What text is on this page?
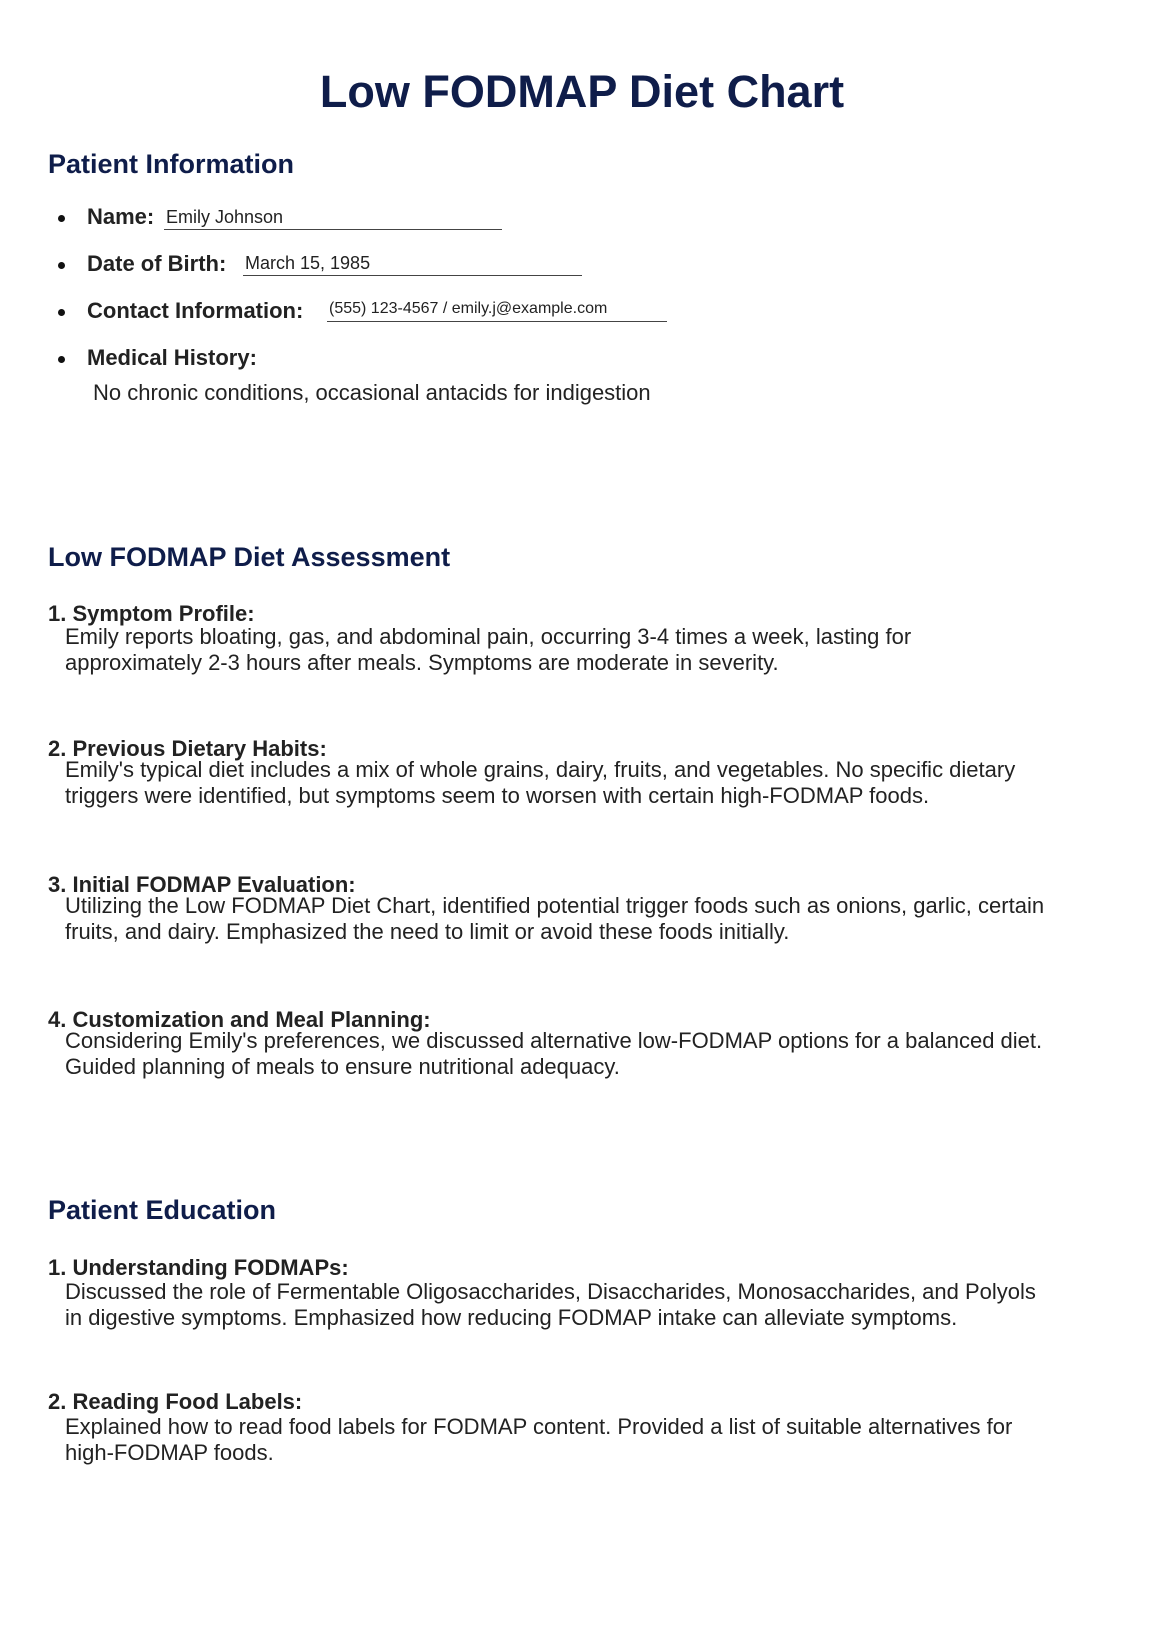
Low FODMAP Diet Chart
Patient Information
Name: Emily Johnson
Date of Birth: March 15, 1985
Contact Information: (555) 123-4567 / emily.j@example.com
Medical History:
No chronic conditions, occasional antacids for indigestion
Low FODMAP Diet Assessment
1. Symptom Profile:
Emily reports bloating, gas, and abdominal pain, occurring 3-4 times a week, lasting for
approximately 2-3 hours after meals. Symptoms are moderate in severity.
2. Previous Dietary Habits:
Emily's typical diet includes a mix of whole grains, dairy, fruits, and vegetables. No specific dietary
triggers were identified, but symptoms seem to worsen with certain high-FODMAP foods.
3. Initial FODMAP Evaluation:
Utilizing the Low FODMAP Diet Chart, identified potential trigger foods such as onions, garlic, certain
fruits, and dairy. Emphasized the need to limit or avoid these foods initially.
4. Customization and Meal Planning:
Considering Emily's preferences, we discussed alternative low-FODMAP options for a balanced diet.
Guided planning of meals to ensure nutritional adequacy.
Patient Education
1. Understanding FODMAPs:
Discussed the role of Fermentable Oligosaccharides, Disaccharides, Monosaccharides, and Polyols
in digestive symptoms. Emphasized how reducing FODMAP intake can alleviate symptoms.
2. Reading Food Labels:
Explained how to read food labels for FODMAP content. Provided a list of suitable alternatives for
high-FODMAP foods.
